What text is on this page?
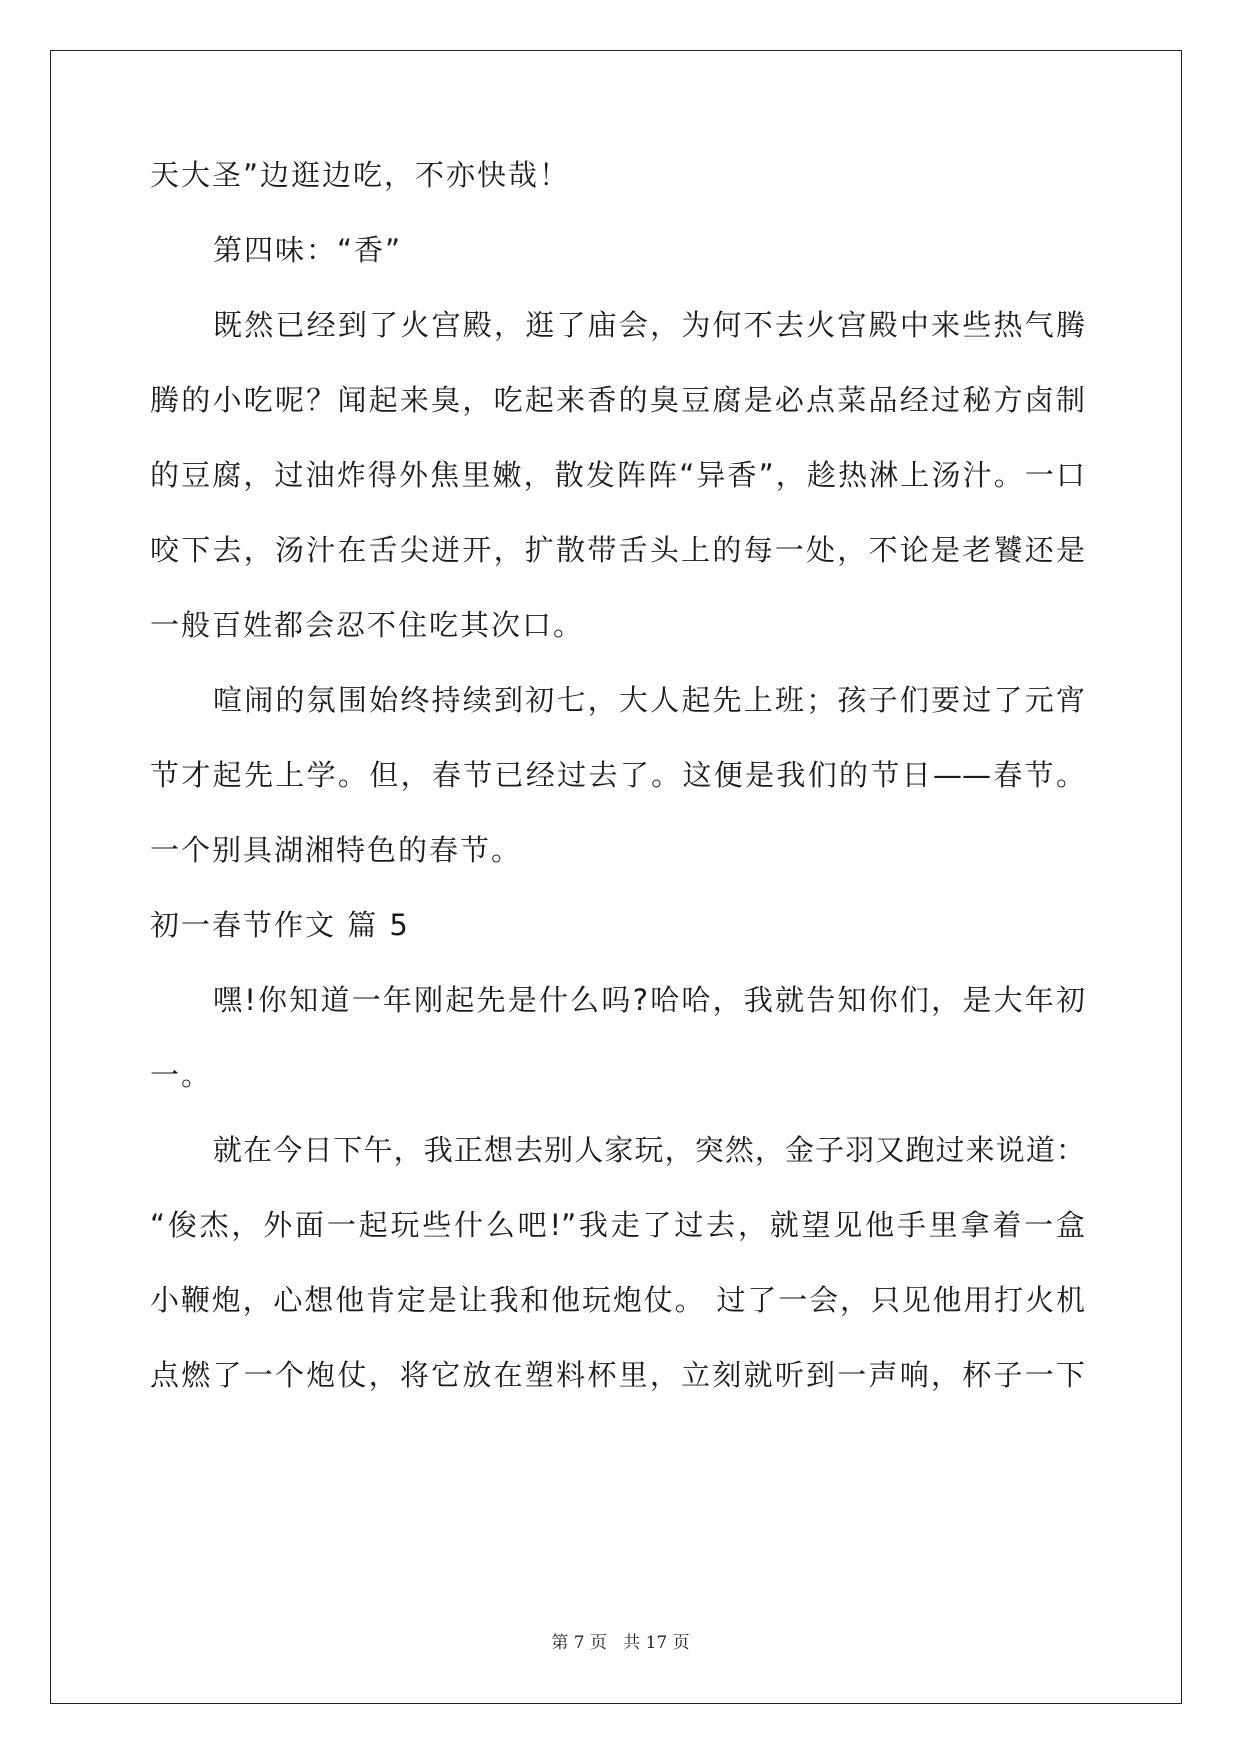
天大圣”边逛边吃，不亦快哉！
第四味：“香”
既然已经到了火宫殿，逛了庙会，为何不去火宫殿中来些热气腾
腾的小吃呢？闻起来臭，吃起来香的臭豆腐是必点菜品经过秘方卤制
的豆腐，过油炸得外焦里嫩，散发阵阵“异香”，趁热淋上汤汁。一口
咬下去，汤汁在舌尖迸开，扩散带舌头上的每一处，不论是老饕还是
一般百姓都会忍不住吃其次口。
喧闹的氛围始终持续到初七，大人起先上班；孩子们要过了元宵
节才起先上学。但，春节已经过去了。这便是我们的节日——春节。
一个别具湖湘特色的春节。
初一春节作文 篇 5
嘿!你知道一年刚起先是什么吗?哈哈，我就告知你们，是大年初
一。
就在今日下午，我正想去别人家玩，突然，金子羽又跑过来说道：
“俊杰，外面一起玩些什么吧!”我走了过去，就望见他手里拿着一盒
小鞭炮，心想他肯定是让我和他玩炮仗。 过了一会，只见他用打火机
点燃了一个炮仗，将它放在塑料杯里，立刻就听到一声响，杯子一下
第 7 页   共 17 页
